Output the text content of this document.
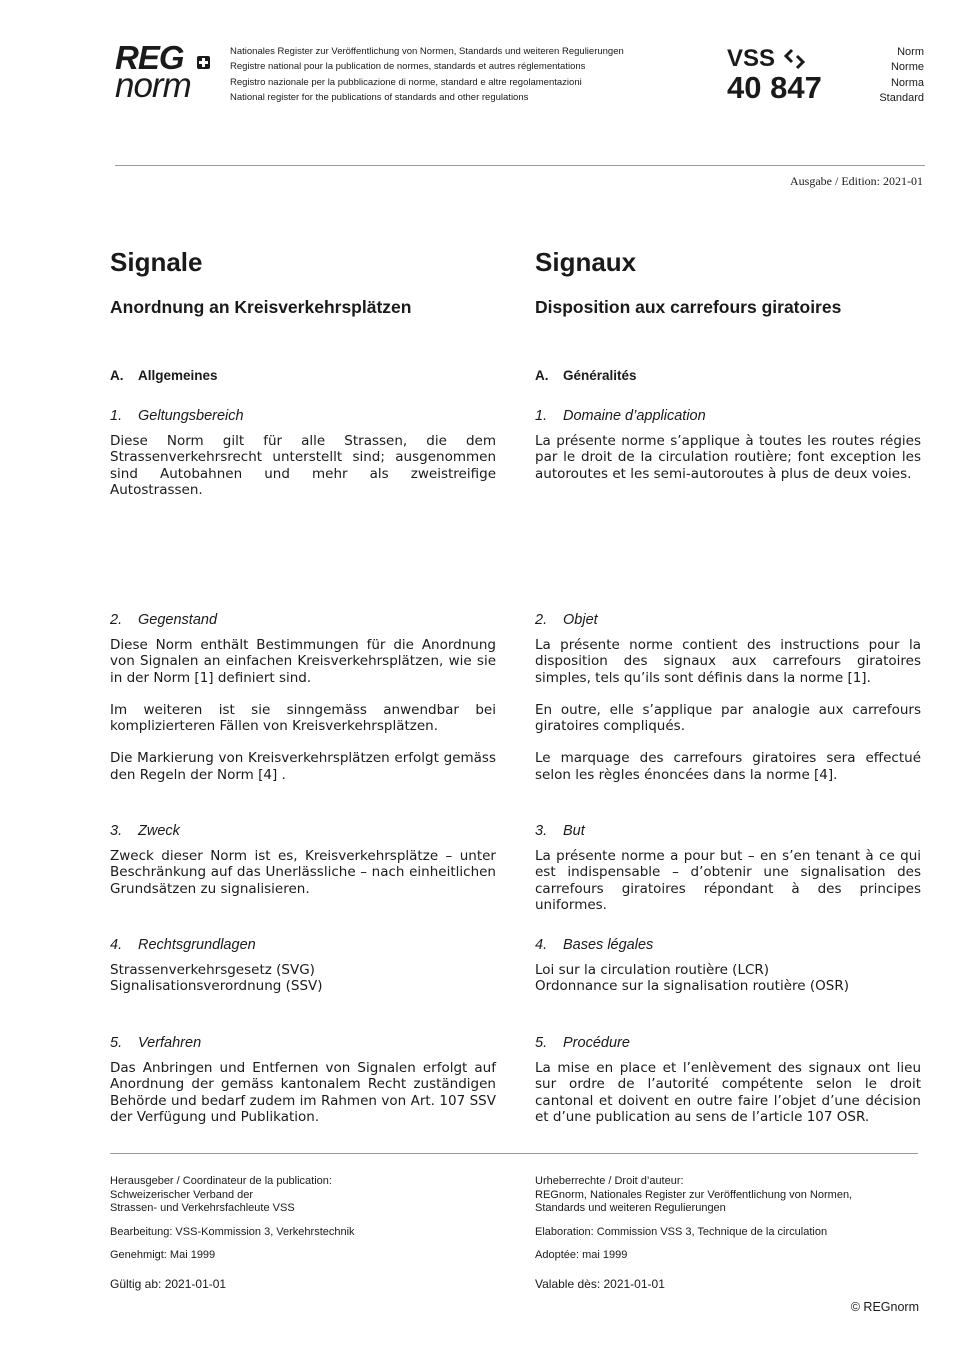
REG
norm
Nationales Register zur Veröffentlichung von Normen, Standards und weiteren Regulierungen
Registre national pour la publication de normes, standards et autres réglementations
Registro nazionale per la pubblicazione di norme, standard e altre regolamentazioni
National register for the publications of standards and other regulations
VSS
40 847
Norm
Norme
Norma
Standard
Ausgabe / Edition: 2021-01
Signale
Anordnung an Kreisverkehrsplätzen
A. Allgemeines
1. Geltungsbereich
Diese Norm gilt für alle Strassen, die dem Strassenverkehrsrecht unterstellt sind; ausgenommen sind Autobahnen und mehr als zweistreifige Autostrassen.
2. Gegenstand
Diese Norm enthält Bestimmungen für die Anordnung von Signalen an einfachen Kreisverkehrsplätzen, wie sie in der Norm [1] definiert sind.
Im weiteren ist sie sinngemäss anwendbar bei komplizierteren Fällen von Kreisverkehrsplätzen.
Die Markierung von Kreisverkehrsplätzen erfolgt gemäss den Regeln der Norm [4] .
3. Zweck
Zweck dieser Norm ist es, Kreisverkehrsplätze – unter Beschränkung auf das Unerlässliche – nach einheitlichen Grundsätzen zu signalisieren.
4. Rechtsgrundlagen
Strassenverkehrsgesetz (SVG)
Signalisationsverordnung (SSV)
5. Verfahren
Das Anbringen und Entfernen von Signalen erfolgt auf Anordnung der gemäss kantonalem Recht zuständigen Behörde und bedarf zudem im Rahmen von Art. 107 SSV der Verfügung und Publikation.
Signaux
Disposition aux carrefours giratoires
A. Généralités
1. Domaine d’application
La présente norme s’applique à toutes les routes régies par le droit de la circulation routière; font exception les autoroutes et les semi-autoroutes à plus de deux voies.
2. Objet
La présente norme contient des instructions pour la disposition des signaux aux carrefours giratoires simples, tels qu’ils sont définis dans la norme [1].
En outre, elle s’applique par analogie aux carrefours giratoires compliqués.
Le marquage des carrefours giratoires sera effectué selon les règles énoncées dans la norme [4].
3. But
La présente norme a pour but – en s’en tenant à ce qui est indispensable – d’obtenir une signalisation des carrefours giratoires répondant à des principes uniformes.
4. Bases légales
Loi sur la circulation routière (LCR)
Ordonnance sur la signalisation routière (OSR)
5. Procédure
La mise en place et l’enlèvement des signaux ont lieu sur ordre de l’autorité compétente selon le droit cantonal et doivent en outre faire l’objet d’une décision et d’une publication au sens de l’article 107 OSR.
Herausgeber / Coordinateur de la publication:
Schweizerischer Verband der
Strassen- und Verkehrsfachleute VSS
Bearbeitung: VSS-Kommission 3, Verkehrstechnik
Genehmigt: Mai 1999
Gültig ab: 2021-01-01
Urheberrechte / Droit d’auteur:
REGnorm, Nationales Register zur Veröffentlichung von Normen,
Standards und weiteren Regulierungen
Elaboration: Commission VSS 3, Technique de la circulation
Adoptée: mai 1999
Valable dès: 2021-01-01
© REGnorm
